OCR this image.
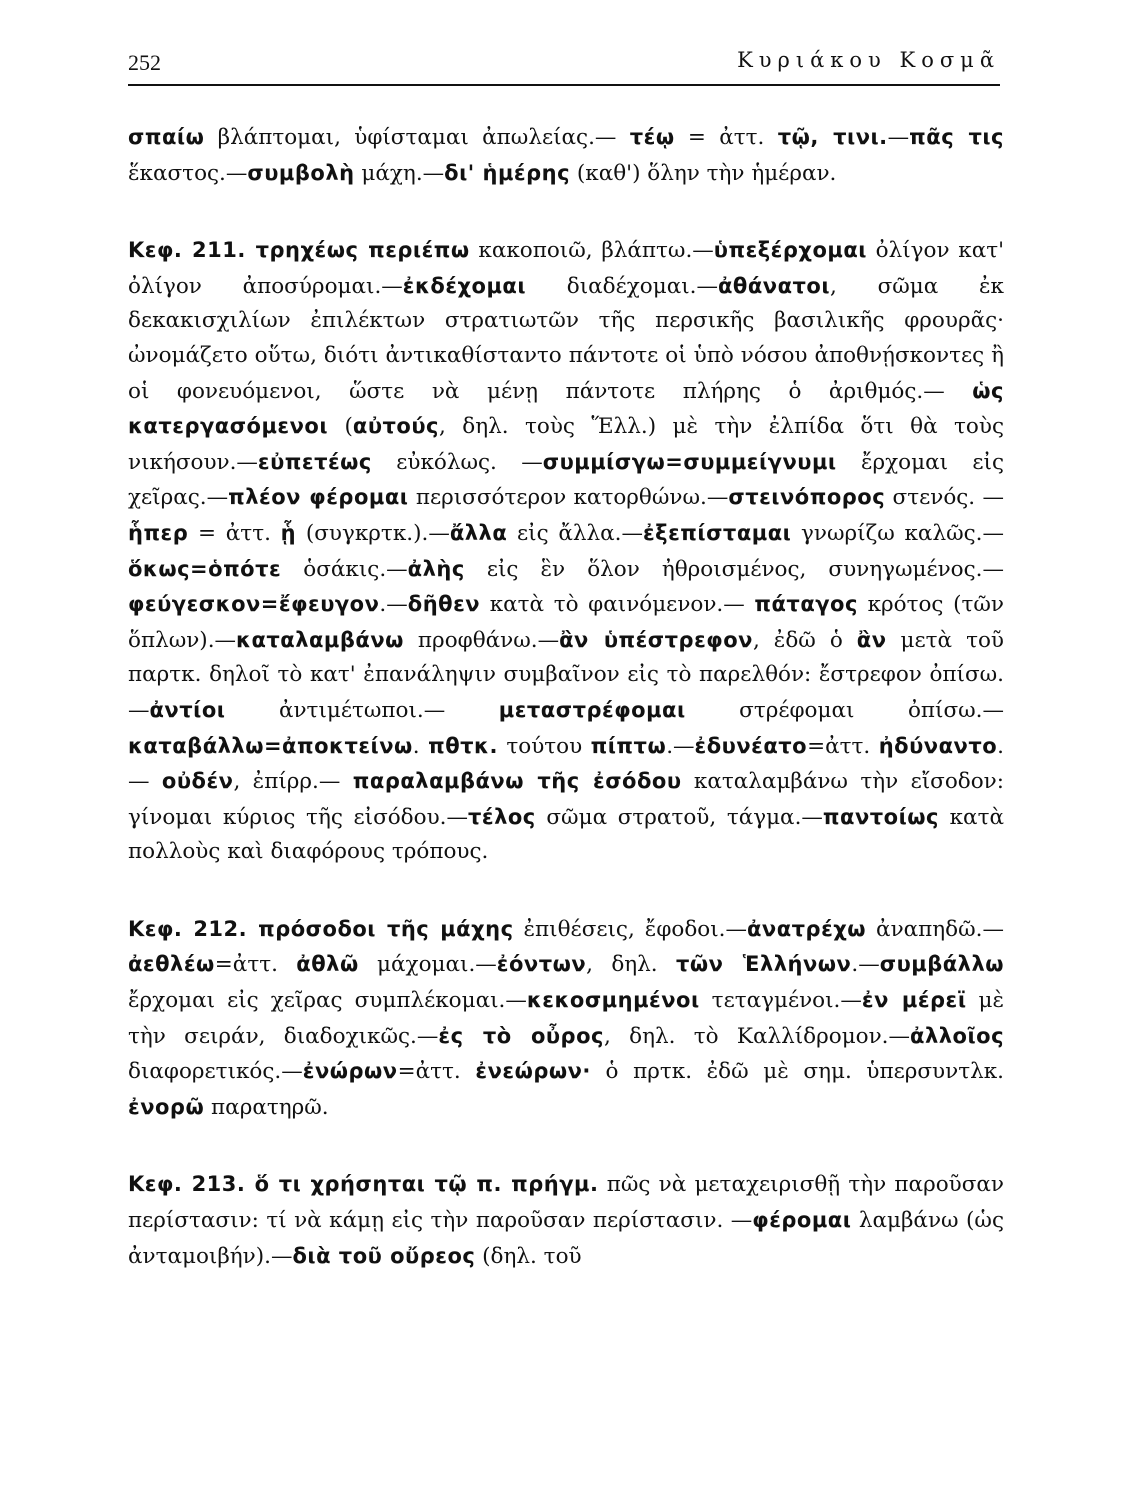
252	Κυριάκου Κοσμᾶ

σπαίω βλάπτομαι, ὑφίσταμαι ἀπωλείας.— τέῳ = ἀττ. τῷ, τινι.—πᾶς τις ἕκαστος.—συμβολὴ μάχη.—δι' ἡμέρης (καθ') ὅλην τὴν ἡμέραν.

Κεφ. 211. τρηχέως περιέπω κακοποιῶ, βλάπτω.—ὑπεξέρχομαι ὀλίγον κατ' ὀλίγον ἀποσύρομαι.—ἐκδέχομαι διαδέχομαι.—ἀθάνατοι, σῶμα ἐκ δεκακισχιλίων ἐπιλέκτων στρατιωτῶν τῆς περσικῆς βασιλικῆς φρουρᾶς· ὠνομάζετο οὕτω, διότι ἀντικαθίσταντο πάντοτε οἱ ὑπὸ νόσου ἀποθνῄσκοντες ἢ οἱ φονευόμενοι, ὥστε νὰ μένῃ πάντοτε πλήρης ὁ ἀριθμός.— ὡς κατεργασόμενοι (αὐτούς, δηλ. τοὺς Ἕλλ.) μὲ τὴν ἐλπίδα ὅτι θὰ τοὺς νικήσουν.—εὐπετέως εὐκόλως. —συμμίσγω=συμμείγνυμι ἔρχομαι εἰς χεῖρας.—πλέον φέρομαι περισσότερον κατορθώνω.—στεινόπορος στενός. — ἧπερ = ἀττ. ᾗ (συγκρτκ.).—ἄλλα εἰς ἄλλα.—ἐξεπίσταμαι γνωρίζω καλῶς.—ὅκως=ὁπότε ὁσάκις.—ἀλὴς εἰς ἓν ὅλον ἠθροισμένος, συνηγωμένος.—φεύγεσκον=ἔφευγον.—δῆθεν κατὰ τὸ φαινόμενον.— πάταγος κρότος (τῶν ὅπλων).—καταλαμβάνω προφθάνω.—ἂν ὑπέστρεφον, ἐδῶ ὁ ἂν μετὰ τοῦ παρτκ. δηλοῖ τὸ κατ' ἐπανάληψιν συμβαῖνον εἰς τὸ παρελθόν: ἔστρεφον ὀπίσω.—ἀντίοι ἀντιμέτωποι.— μεταστρέφομαι στρέφομαι ὀπίσω.—καταβάλλω=ἀποκτείνω. πθτκ. τούτου πίπτω.—ἐδυνέατο=ἀττ. ἠδύναντο. — οὐδέν, ἐπίρρ.— παραλαμβάνω τῆς ἐσόδου καταλαμβάνω τὴν εἴσοδον: γίνομαι κύριος τῆς εἰσόδου.—τέλος σῶμα στρατοῦ, τάγμα.—παντοίως κατὰ πολλοὺς καὶ διαφόρους τρόπους.

Κεφ. 212. πρόσοδοι τῆς μάχης ἐπιθέσεις, ἔφοδοι.—ἀνατρέχω ἀναπηδῶ.—ἀεθλέω=ἀττ. ἀθλῶ μάχομαι.—ἐόντων, δηλ. τῶν Ἑλλήνων.—συμβάλλω ἔρχομαι εἰς χεῖρας συμπλέκομαι.—κεκοσμημένοι τεταγμένοι.—ἐν μέρεϊ μὲ τὴν σειράν, διαδοχικῶς.—ἐς τὸ οὖρος, δηλ. τὸ Καλλίδρομον.—ἀλλοῖος διαφορετικός.—ἐνώρων=ἀττ. ἐνεώρων· ὁ πρτκ. ἐδῶ μὲ σημ. ὑπερσυντλκ. ἐνορῶ παρατηρῶ.

Κεφ. 213. ὅ τι χρήσηται τῷ π. πρήγμ. πῶς νὰ μεταχειρισθῇ τὴν παροῦσαν περίστασιν: τί νὰ κάμῃ εἰς τὴν παροῦσαν περίστασιν. —φέρομαι λαμβάνω (ὡς ἀνταμοιβήν).—διὰ τοῦ οὔρεος (δηλ. τοῦ
